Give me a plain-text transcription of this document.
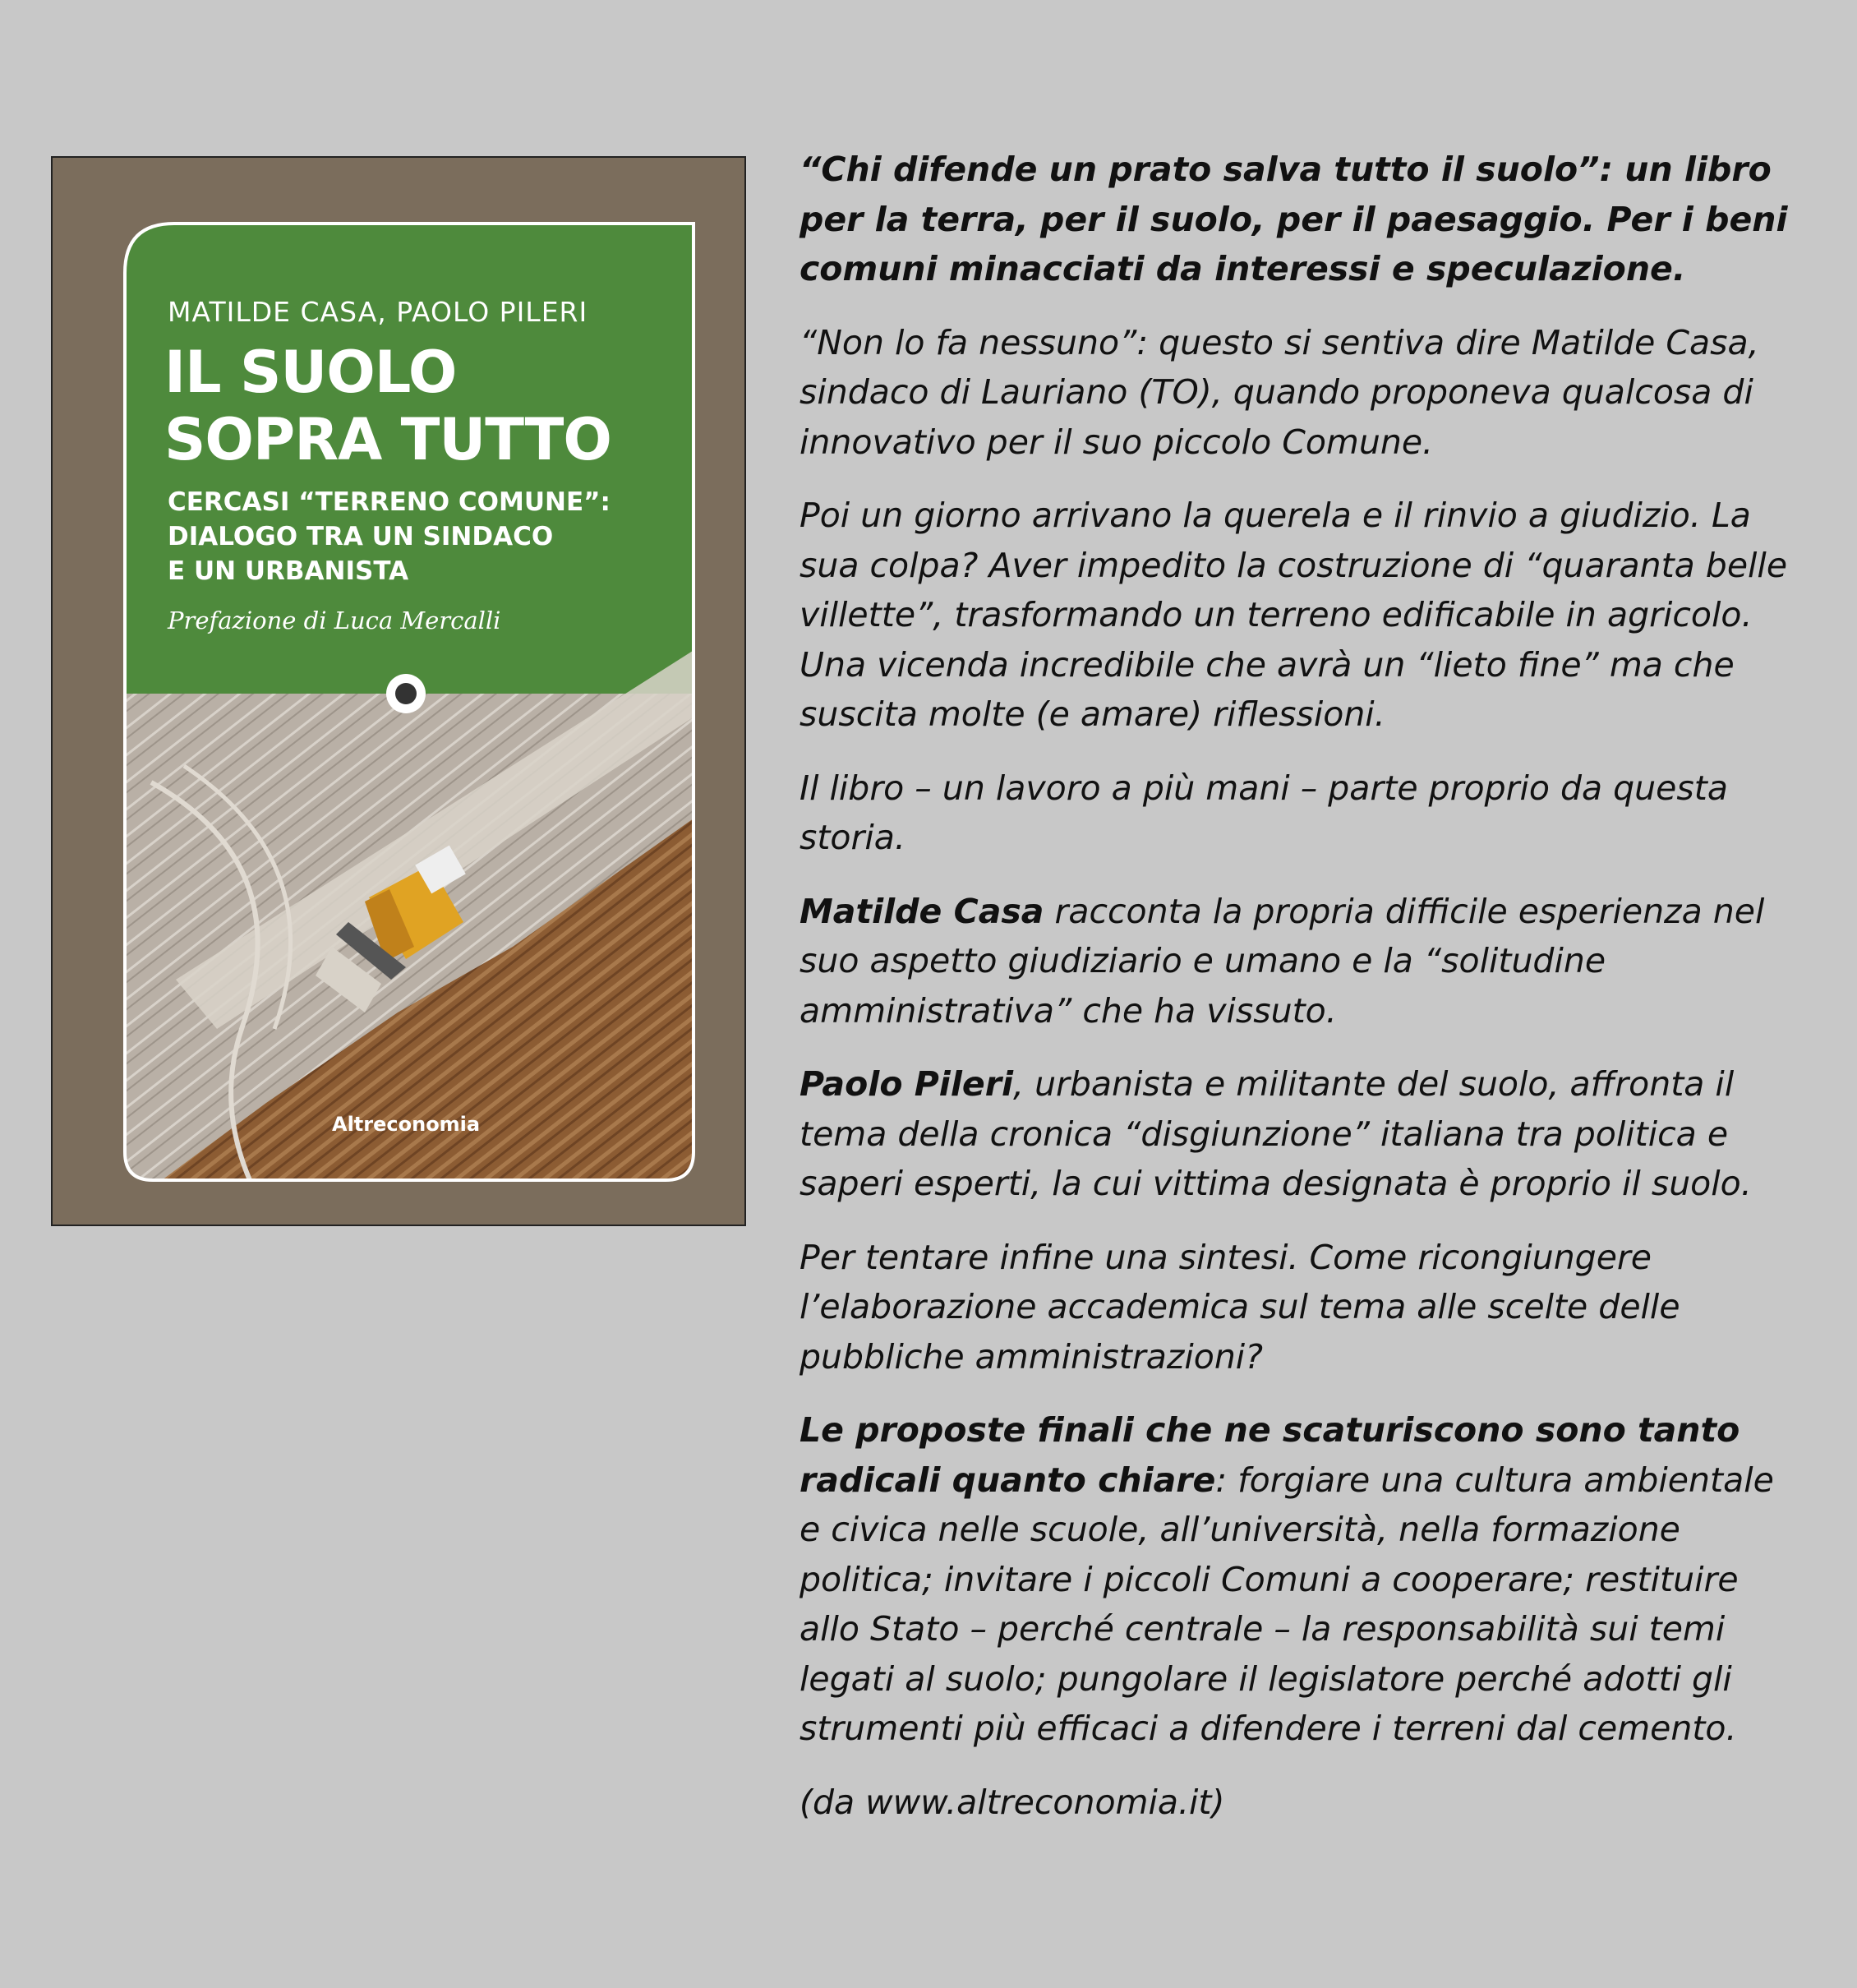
MATILDE CASA, PAOLO PILERI
IL SUOLO
SOPRA TUTTO
CERCASI “TERRENO COMUNE”:
DIALOGO TRA UN SINDACO
E UN URBANISTA
Prefazione di Luca Mercalli
Altreconomia

“Chi difende un prato salva tutto il suolo”: un libro
per la terra, per il suolo, per il paesaggio. Per i beni
comuni minacciati da interessi e speculazione.

“Non lo fa nessuno”: questo si sentiva dire Matilde Casa,
sindaco di Lauriano (TO), quando proponeva qualcosa di
innovativo per il suo piccolo Comune.

Poi un giorno arrivano la querela e il rinvio a giudizio. La
sua colpa? Aver impedito la costruzione di “quaranta belle
villette”, trasformando un terreno edificabile in agricolo.
Una vicenda incredibile che avrà un “lieto fine” ma che
suscita molte (e amare) riflessioni.

Il libro – un lavoro a più mani – parte proprio da questa
storia.

Matilde Casa racconta la propria difficile esperienza nel
suo aspetto giudiziario e umano e la “solitudine
amministrativa” che ha vissuto.

Paolo Pileri, urbanista e militante del suolo, affronta il
tema della cronica “disgiunzione” italiana tra politica e
saperi esperti, la cui vittima designata è proprio il suolo.

Per tentare infine una sintesi. Come ricongiungere
l’elaborazione accademica sul tema alle scelte delle
pubbliche amministrazioni?

Le proposte finali che ne scaturiscono sono tanto
radicali quanto chiare: forgiare una cultura ambientale
e civica nelle scuole, all’università, nella formazione
politica; invitare i piccoli Comuni a cooperare; restituire
allo Stato – perché centrale – la responsabilità sui temi
legati al suolo; pungolare il legislatore perché adotti gli
strumenti più efficaci a difendere i terreni dal cemento.

(da www.altreconomia.it)
